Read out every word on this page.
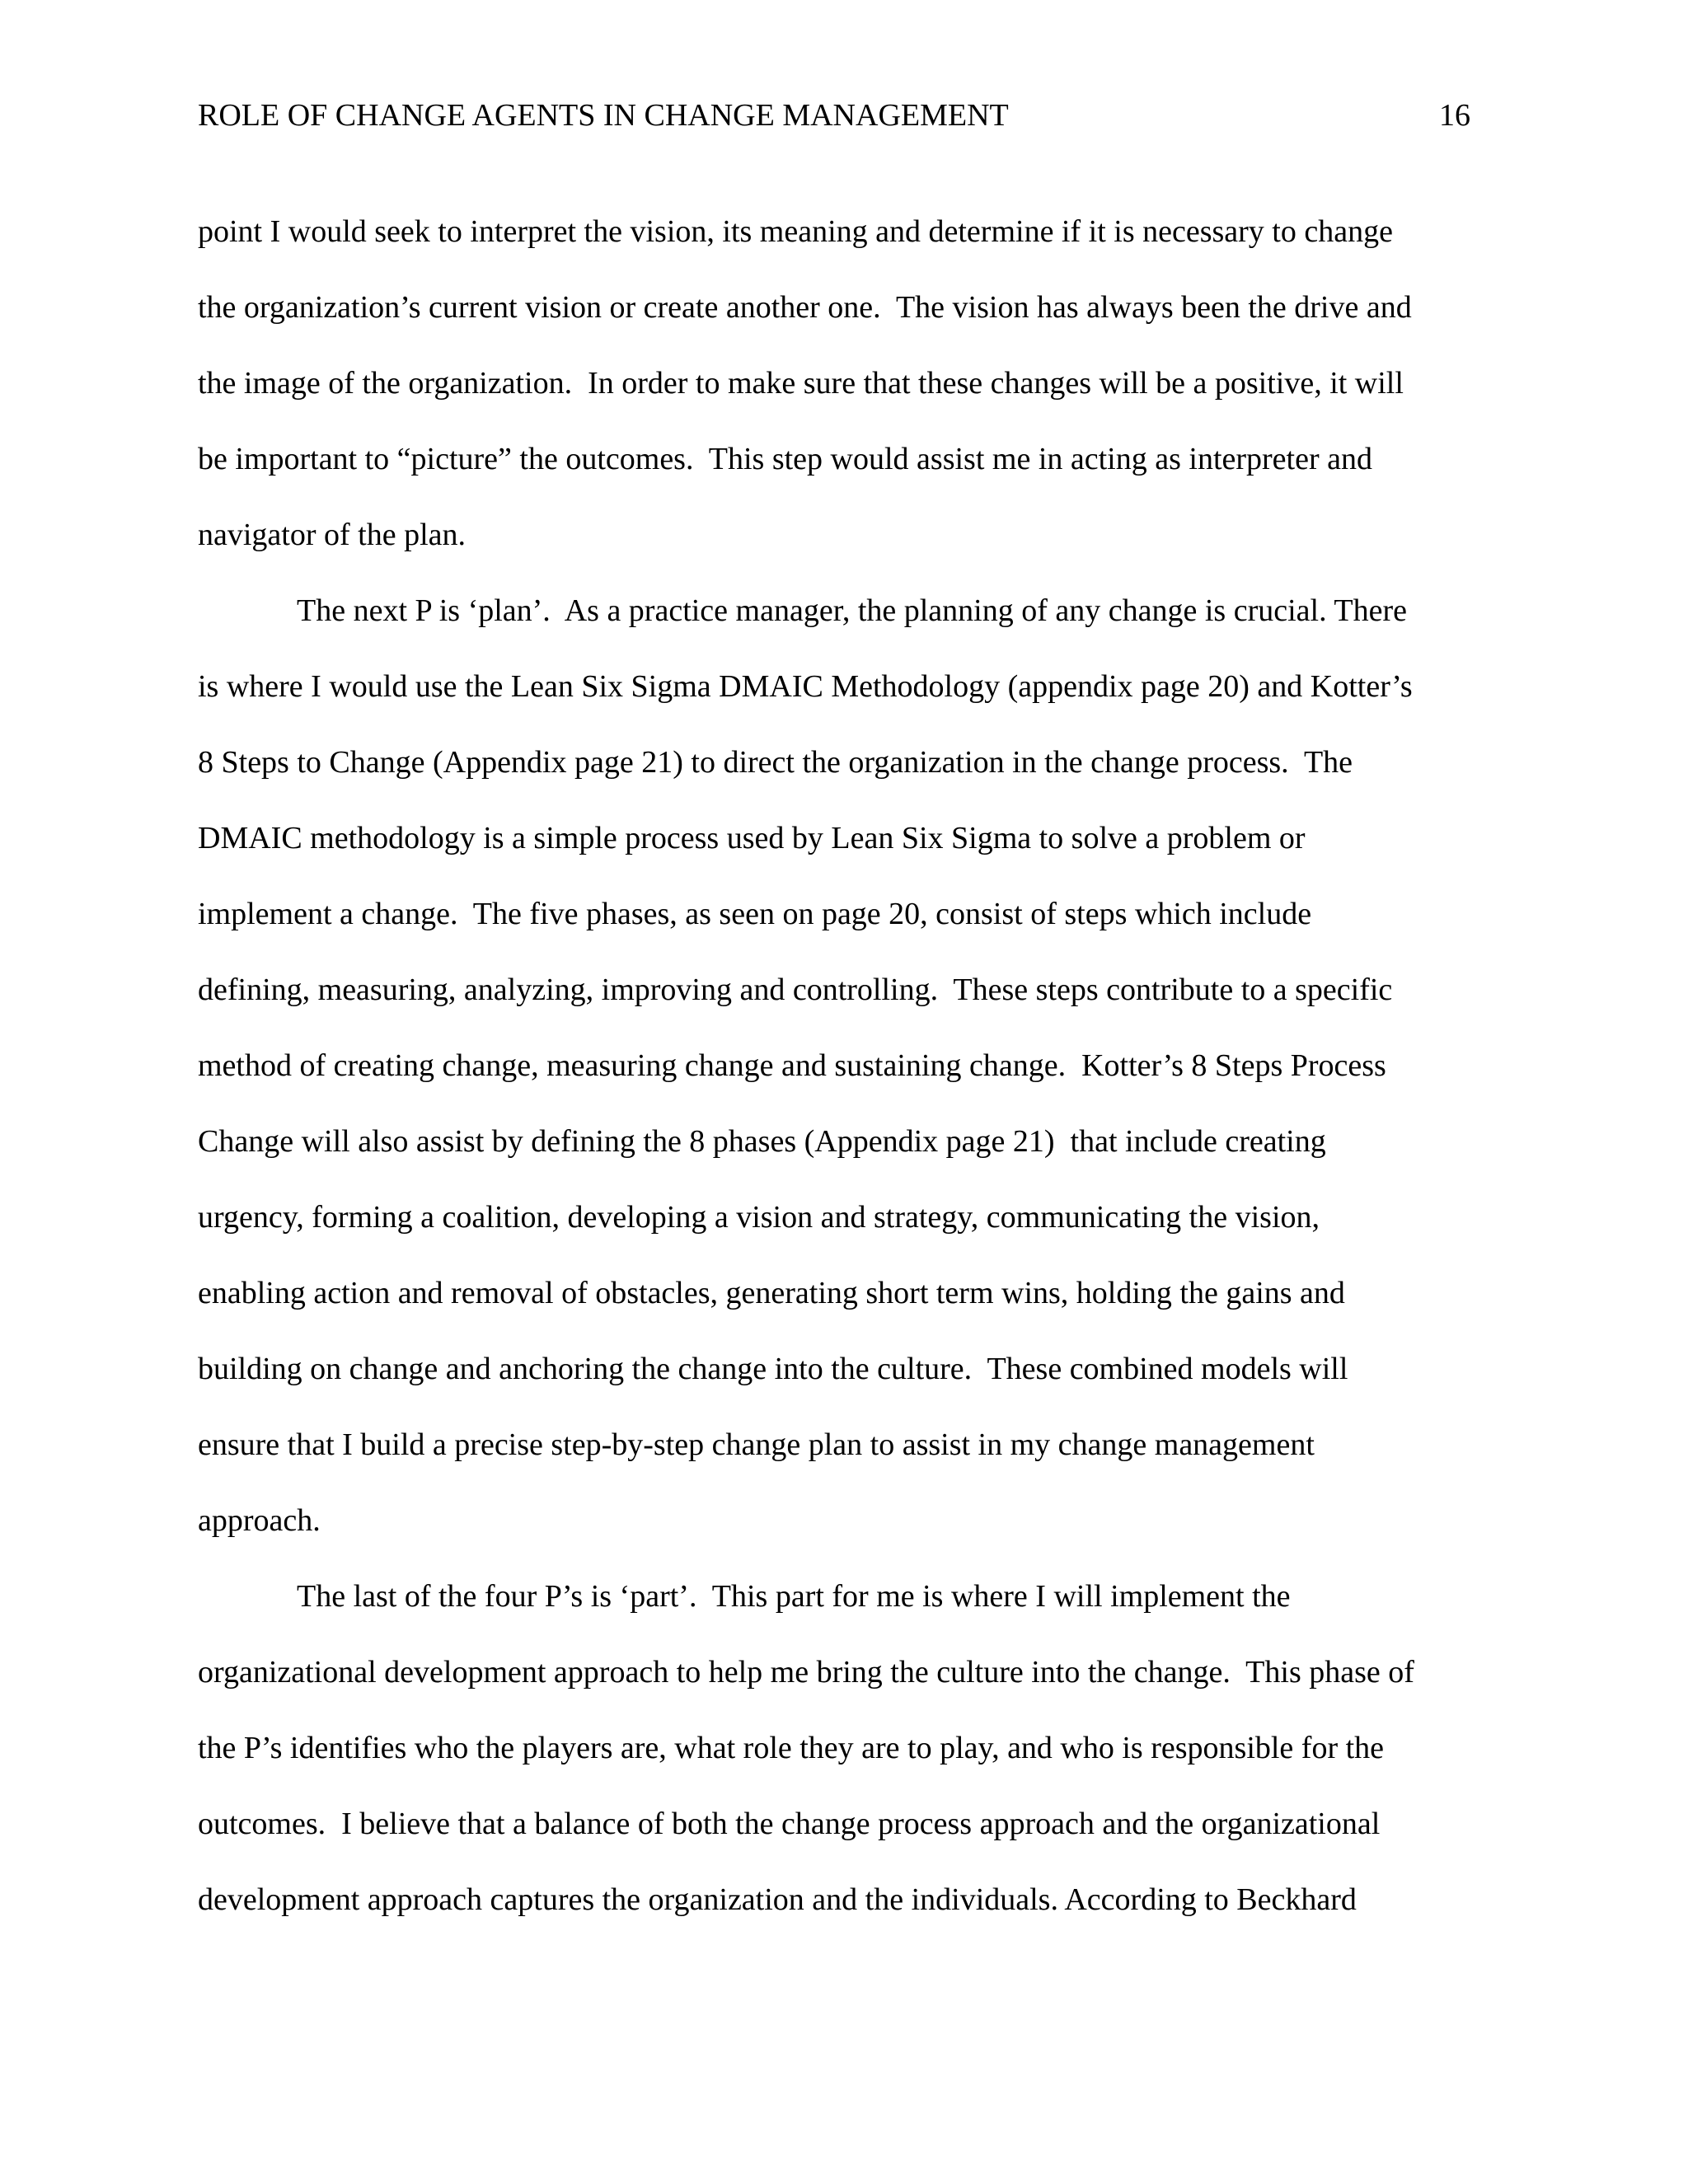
ROLE OF CHANGE AGENTS IN CHANGE MANAGEMENT	16
point I would seek to interpret the vision, its meaning and determine if it is necessary to change
the organization’s current vision or create another one.  The vision has always been the drive and
the image of the organization.  In order to make sure that these changes will be a positive, it will
be important to “picture” the outcomes.  This step would assist me in acting as interpreter and
navigator of the plan.
The next P is ‘plan’.  As a practice manager, the planning of any change is crucial. There
is where I would use the Lean Six Sigma DMAIC Methodology (appendix page 20) and Kotter’s
8 Steps to Change (Appendix page 21) to direct the organization in the change process.  The
DMAIC methodology is a simple process used by Lean Six Sigma to solve a problem or
implement a change.  The five phases, as seen on page 20, consist of steps which include
defining, measuring, analyzing, improving and controlling.  These steps contribute to a specific
method of creating change, measuring change and sustaining change.  Kotter’s 8 Steps Process
Change will also assist by defining the 8 phases (Appendix page 21)  that include creating
urgency, forming a coalition, developing a vision and strategy, communicating the vision,
enabling action and removal of obstacles, generating short term wins, holding the gains and
building on change and anchoring the change into the culture.  These combined models will
ensure that I build a precise step-by-step change plan to assist in my change management
approach.
The last of the four P’s is ‘part’.  This part for me is where I will implement the
organizational development approach to help me bring the culture into the change.  This phase of
the P’s identifies who the players are, what role they are to play, and who is responsible for the
outcomes.  I believe that a balance of both the change process approach and the organizational
development approach captures the organization and the individuals. According to Beckhard
